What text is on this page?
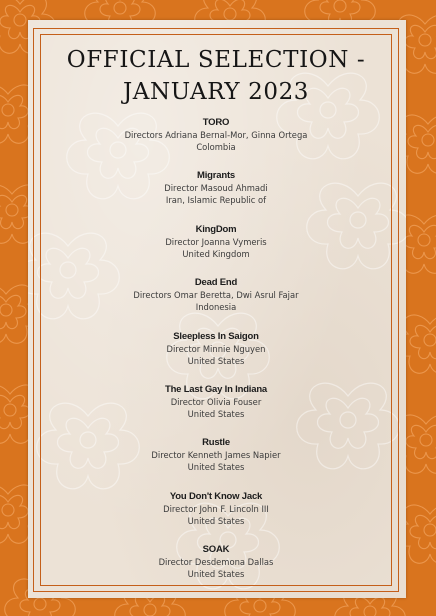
OFFICIAL SELECTION - JANUARY 2023
TORO
Directors Adriana Bernal-Mor, Ginna Ortega
Colombia
Migrants
Director Masoud Ahmadi
Iran, Islamic Republic of
KingDom
Director Joanna Vymeris
United Kingdom
Dead End
Directors Omar Beretta, Dwi Asrul Fajar
Indonesia
Sleepless In Saigon
Director Minnie Nguyen
United States
The Last Gay In Indiana
Director Olivia Fouser
United States
Rustle
Director Kenneth James Napier
United States
You Don't Know Jack
Director John F. Lincoln III
United States
SOAK
Director Desdemona Dallas
United States
